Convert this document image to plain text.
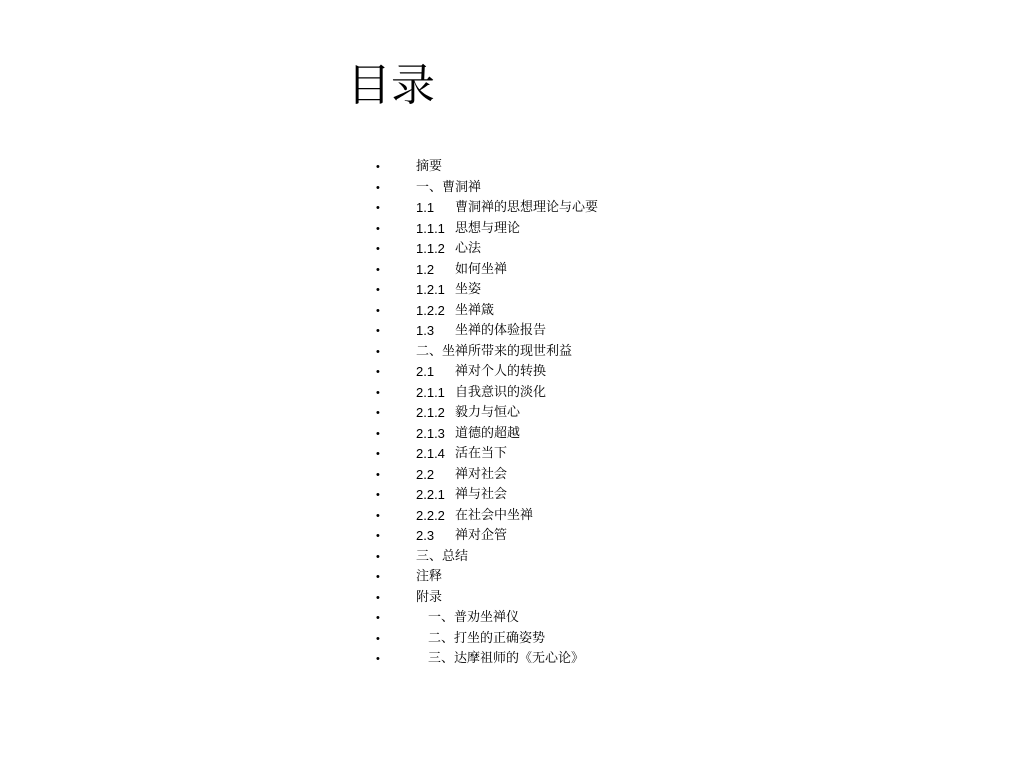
目录
•	摘要
•	一、曹洞禅
•	1.1 曹洞禅的思想理论与心要
•	1.1.1 思想与理论
•	1.1.2 心法
•	1.2 如何坐禅
•	1.2.1 坐姿
•	1.2.2 坐禅箴
•	1.3 坐禅的体验报告
•	二、坐禅所带来的现世利益
•	2.1 禅对个人的转换
•	2.1.1 自我意识的淡化
•	2.1.2 毅力与恒心
•	2.1.3 道德的超越
•	2.1.4 活在当下
•	2.2 禅对社会
•	2.2.1 禅与社会
•	2.2.2 在社会中坐禅
•	2.3 禅对企管
•	三、总结
•	注释
•	附录
•	一、普劝坐禅仪
•	二、打坐的正确姿势
•	三、达摩祖师的《无心论》
